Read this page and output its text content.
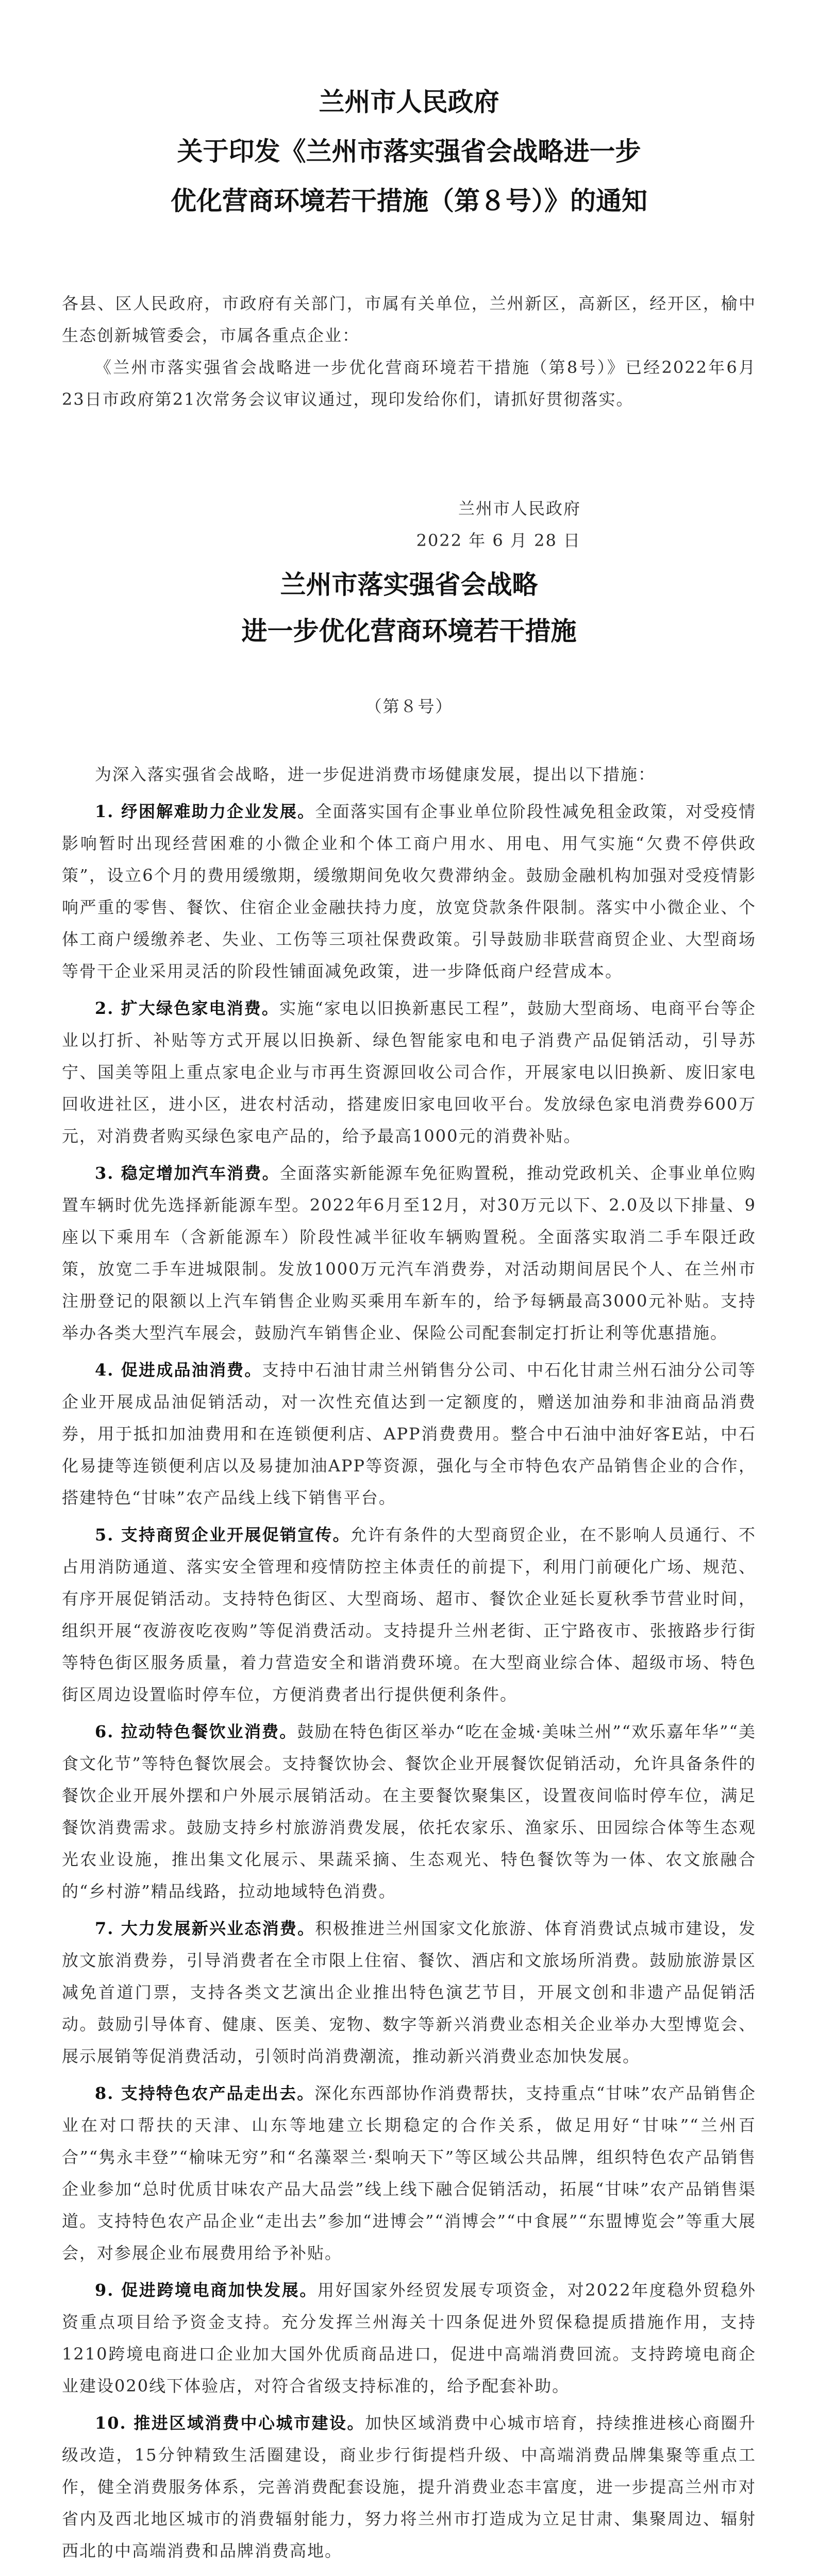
兰州市人民政府
关于印发《兰州市落实强省会战略进一步
优化营商环境若干措施（第８号）》的通知

各县、区人民政府，市政府有关部门，市属有关单位，兰州新区，高新区，经开区，榆中生态创新城管委会，市属各重点企业：

《兰州市落实强省会战略进一步优化营商环境若干措施（第8号）》已经2022年6月23日市政府第21次常务会议审议通过，现印发给你们，请抓好贯彻落实。

兰州市人民政府

2022 年 6 月 28 日

兰州市落实强省会战略
进一步优化营商环境若干措施

（第８号）

为深入落实强省会战略，进一步促进消费市场健康发展，提出以下措施：

1. 纾困解难助力企业发展。全面落实国有企事业单位阶段性减免租金政策，对受疫情影响暂时出现经营困难的小微企业和个体工商户用水、用电、用气实施“欠费不停供政策”，设立6个月的费用缓缴期，缓缴期间免收欠费滞纳金。鼓励金融机构加强对受疫情影响严重的零售、餐饮、住宿企业金融扶持力度，放宽贷款条件限制。落实中小微企业、个体工商户缓缴养老、失业、工伤等三项社保费政策。引导鼓励非联营商贸企业、大型商场等骨干企业采用灵活的阶段性铺面减免政策，进一步降低商户经营成本。

2. 扩大绿色家电消费。实施“家电以旧换新惠民工程”，鼓励大型商场、电商平台等企业以打折、补贴等方式开展以旧换新、绿色智能家电和电子消费产品促销活动，引导苏宁、国美等阻上重点家电企业与市再生资源回收公司合作，开展家电以旧换新、废旧家电回收进社区，进小区，进农村活动，搭建废旧家电回收平台。发放绿色家电消费券600万元，对消费者购买绿色家电产品的，给予最高1000元的消费补贴。

3. 稳定增加汽车消费。全面落实新能源车免征购置税，推动党政机关、企事业单位购置车辆时优先选择新能源车型。2022年6月至12月，对30万元以下、2.0及以下排量、9座以下乘用车（含新能源车）阶段性减半征收车辆购置税。全面落实取消二手车限迁政策，放宽二手车进城限制。发放1000万元汽车消费券，对活动期间居民个人、在兰州市注册登记的限额以上汽车销售企业购买乘用车新车的，给予每辆最高3000元补贴。支持举办各类大型汽车展会，鼓励汽车销售企业、保险公司配套制定打折让利等优惠措施。

4. 促进成品油消费。支持中石油甘肃兰州销售分公司、中石化甘肃兰州石油分公司等企业开展成品油促销活动，对一次性充值达到一定额度的，赠送加油券和非油商品消费券，用于抵扣加油费用和在连锁便利店、APP消费费用。整合中石油中油好客E站，中石化易捷等连锁便利店以及易捷加油APP等资源，强化与全市特色农产品销售企业的合作，搭建特色“甘味”农产品线上线下销售平台。

5. 支持商贸企业开展促销宣传。允许有条件的大型商贸企业，在不影响人员通行、不占用消防通道、落实安全管理和疫情防控主体责任的前提下，利用门前硬化广场、规范、有序开展促销活动。支持特色街区、大型商场、超市、餐饮企业延长夏秋季节营业时间，组织开展“夜游夜吃夜购”等促消费活动。支持提升兰州老街、正宁路夜市、张掖路步行街等特色街区服务质量，着力营造安全和谐消费环境。在大型商业综合体、超级市场、特色街区周边设置临时停车位，方便消费者出行提供便利条件。

6. 拉动特色餐饮业消费。鼓励在特色街区举办“吃在金城·美味兰州”“欢乐嘉年华”“美食文化节”等特色餐饮展会。支持餐饮协会、餐饮企业开展餐饮促销活动，允许具备条件的餐饮企业开展外摆和户外展示展销活动。在主要餐饮聚集区，设置夜间临时停车位，满足餐饮消费需求。鼓励支持乡村旅游消费发展，依托农家乐、渔家乐、田园综合体等生态观光农业设施，推出集文化展示、果蔬采摘、生态观光、特色餐饮等为一体、农文旅融合的“乡村游”精品线路，拉动地域特色消费。

7. 大力发展新兴业态消费。积极推进兰州国家文化旅游、体育消费试点城市建设，发放文旅消费券，引导消费者在全市限上住宿、餐饮、酒店和文旅场所消费。鼓励旅游景区减免首道门票，支持各类文艺演出企业推出特色演艺节目，开展文创和非遗产品促销活动。鼓励引导体育、健康、医美、宠物、数字等新兴消费业态相关企业举办大型博览会、展示展销等促消费活动，引领时尚消费潮流，推动新兴消费业态加快发展。

8. 支持特色农产品走出去。深化东西部协作消费帮扶，支持重点“甘味”农产品销售企业在对口帮扶的天津、山东等地建立长期稳定的合作关系，做足用好“甘味”“兰州百合”“隽永丰登”“榆味无穷”和“名藻翠兰·梨响天下”等区域公共品牌，组织特色农产品销售企业参加“总时优质甘味农产品大品尝”线上线下融合促销活动，拓展“甘味”农产品销售渠道。支持特色农产品企业“走出去”参加“进博会”“消博会”“中食展”“东盟博览会”等重大展会，对参展企业布展费用给予补贴。

9. 促进跨境电商加快发展。用好国家外经贸发展专项资金，对2022年度稳外贸稳外资重点项目给予资金支持。充分发挥兰州海关十四条促进外贸保稳提质措施作用，支持1210跨境电商进口企业加大国外优质商品进口，促进中高端消费回流。支持跨境电商企业建设020线下体验店，对符合省级支持标准的，给予配套补助。

10. 推进区域消费中心城市建设。加快区域消费中心城市培育，持续推进核心商圈升级改造，15分钟精致生活圈建设，商业步行街提档升级、中高端消费品牌集聚等重点工作，健全消费服务体系，完善消费配套设施，提升消费业态丰富度，进一步提高兰州市对省内及西北地区城市的消费辐射能力，努力将兰州市打造成为立足甘肃、集聚周边、辐射西北的中高端消费和品牌消费高地。
